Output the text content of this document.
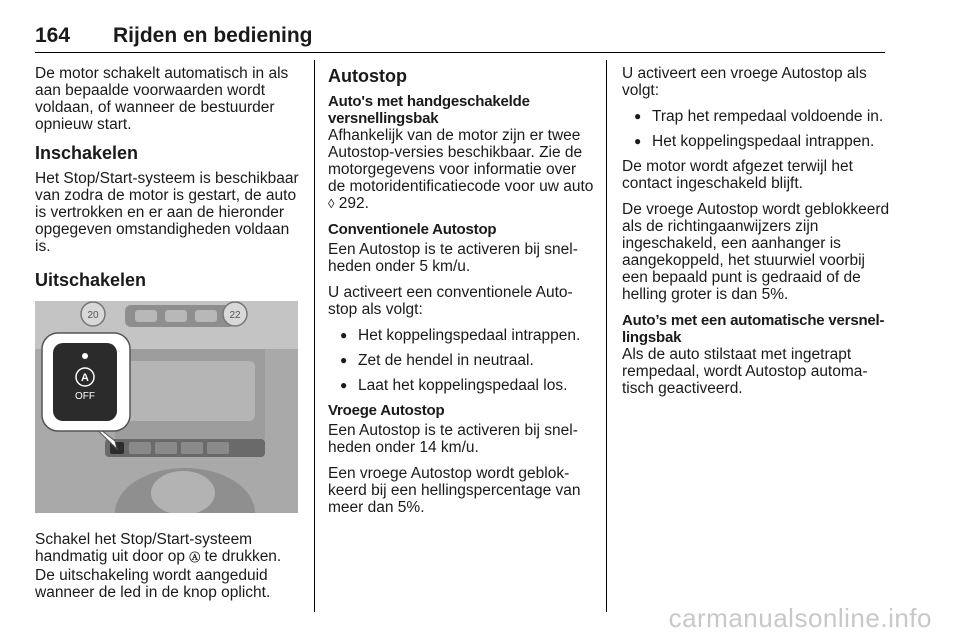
164 Rijden en bediening

De motor schakelt automatisch in als aan bepaalde voorwaarden wordt voldaan, of wanneer de bestuurder opnieuw start.

Inschakelen

Het Stop/Start-systeem is beschikbaar van zodra de motor is gestart, de auto is vertrokken en er aan de hieronder opgegeven omstandigheden voldaan is.

Uitschakelen
20	22
A
OFF

Schakel het Stop/Start-systeem handmatig uit door op Ⓐ te drukken. De uitschakeling wordt aangeduid wanneer de led in de knop oplicht.

Autostop
Auto's met handgeschakelde versnellingsbak

Afhankelijk van de motor zijn er twee Autostop-versies beschikbaar. Zie de motorgegevens voor informatie over de motoridentificatiecode voor uw auto ◊ 292.

Conventionele Autostop

Een Autostop is te activeren bij snelheden onder 5 km/u.

U activeert een conventionele Autostop als volgt:

● Het koppelingspedaal intrappen.
● Zet de hendel in neutraal.
● Laat het koppelingspedaal los.
Vroege Autostop

Een Autostop is te activeren bij snelheden onder 14 km/u.

Een vroege Autostop wordt geblokkeerd bij een hellingspercentage van meer dan 5%.

U activeert een vroege Autostop als volgt:

● Trap het rempedaal voldoende in.
● Het koppelingspedaal intrappen.

De motor wordt afgezet terwijl het contact ingeschakeld blijft.

De vroege Autostop wordt geblokkeerd als de richtingaanwijzers zijn ingeschakeld, een aanhanger is aangekoppeld, het stuurwiel voorbij een bepaald punt is gedraaid of de helling groter is dan 5%.

Auto’s met een automatische versnellingsbak

Als de auto stilstaat met ingetrapt rempedaal, wordt Autostop automatisch geactiveerd.

carmanualsonline.info
